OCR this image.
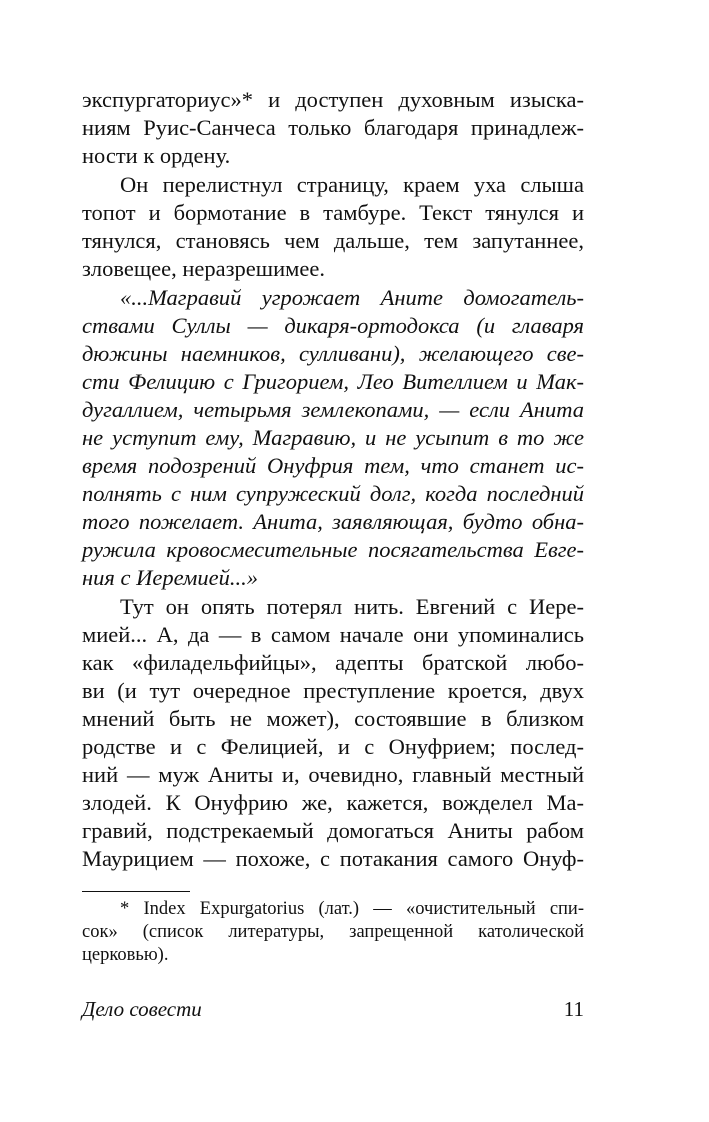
экспургаториус»* и доступен духовным изыска-
ниям Руис-Санчеса только благодаря принадлеж-
ности к ордену.
Он перелистнул страницу, краем уха слыша
топот и бормотание в тамбуре. Текст тянулся и
тянулся, становясь чем дальше, тем запутаннее,
зловещее, неразрешимее.
«...Магравий угрожает Аните домогатель-
ствами Суллы — дикаря-ортодокса (и главаря
дюжины наемников, сулливани), желающего све-
сти Фелицию с Григорием, Лео Вителлием и Мак-
дугаллием, четырьмя землекопами, — если Анита
не уступит ему, Магравию, и не усыпит в то же
время подозрений Онуфрия тем, что станет ис-
полнять с ним супружеский долг, когда последний
того пожелает. Анита, заявляющая, будто обна-
ружила кровосмесительные посягательства Евге-
ния с Иеремией...»
Тут он опять потерял нить. Евгений с Иере-
мией... А, да — в самом начале они упоминались
как «филадельфийцы», адепты братской любо-
ви (и тут очередное преступление кроется, двух
мнений быть не может), состоявшие в близком
родстве и с Фелицией, и с Онуфрием; послед-
ний — муж Аниты и, очевидно, главный местный
злодей. К Онуфрию же, кажется, вожделел Ма-
гравий, подстрекаемый домогаться Аниты рабом
Маурицием — похоже, с потакания самого Онуф-
* Index Expurgatorius (лат.) — «очистительный спи-
сок» (список литературы, запрещенной католической
церковью).
Дело совести	11
